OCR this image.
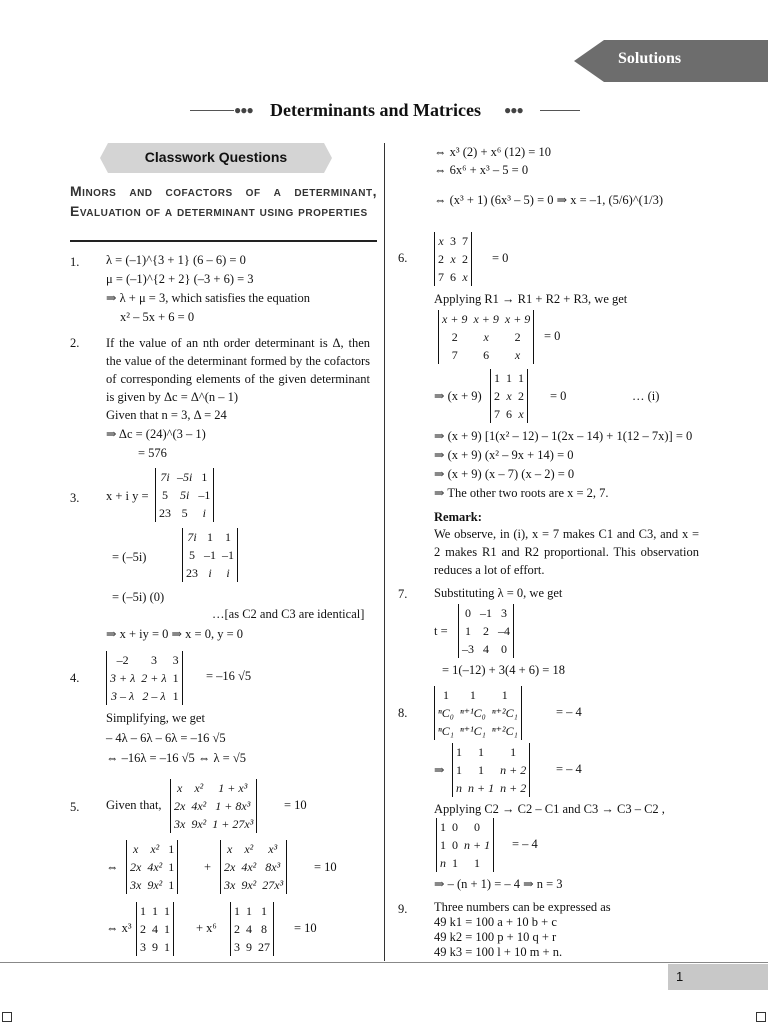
Solutions
●●● Determinants and Matrices ●●●
Classwork Questions
Minors and cofactors of a determinant, Evaluation of a determinant using properties
1. λ = (–1)^{3 + 1} (6 – 6) = 0
μ = (–1)^{2 + 2} (–3 + 6) = 3
⇒ λ + μ = 3, which satisfies the equation
x² – 5x + 6 = 0
2. If the value of an nth order determinant is Δ, then the value of the determinant formed by the cofactors of corresponding elements of the given determinant is given by Δc = Δ^(n – 1)
Given that n = 3, Δ = 24
⇒ Δc = (24)^(3 – 1)
= 576
3. x + i y =
7i	–5i	1
5	5i	–1
23	5	i
= (–5i)
7i	1	1
5	–1	–1
23	i	i
= (–5i) (0)
…[as C2 and C3 are identical]
⇒ x + iy = 0 ⇒ x = 0, y = 0
4.
–2	3	3
3 + λ	2 + λ	1
3 – λ	2 – λ	1
= –16 √5
Simplifying, we get
– 4λ – 6λ – 6λ = –16 √5
⇔ –16λ = –16 √5 ⇔ λ = √5
5. Given that,
x	x²	1 + x³
2x	4x²	1 + 8x³
3x	9x²	1 + 27x³
= 10
⇔
x	x²	1
2x	4x²	1
3x	9x²	1
+
x	x²	x³
2x	4x²	8x³
3x	9x²	27x³
= 10
⇔ x³
1	1	1
2	4	1
3	9	1
+ x⁶
1	1	1
2	4	8
3	9	27
= 10
⇔ x³ (2) + x⁶ (12) = 10
⇔ 6x⁶ + x³ – 5 = 0
⇔ (x³ + 1) (6x³ – 5) = 0 ⇒ x = –1, (5/6)^(1/3)
6.
x	3	7
2	x	2
7	6	x
= 0
Applying R1 → R1 + R2 + R3, we get
x + 9	x + 9	x + 9
2	x	2
7	6	x
= 0
⇒ (x + 9)
1	1	1
2	x	2
7	6	x
= 0	… (i)
⇒ (x + 9) [1(x² – 12) – 1(2x – 14) + 1(12 – 7x)] = 0
⇒ (x + 9) (x² – 9x + 14) = 0
⇒ (x + 9) (x – 7) (x – 2) = 0
⇒ The other two roots are x = 2, 7.
Remark:
We observe, in (i), x = 7 makes C1 and C3, and x = 2 makes R1 and R2 proportional. This observation reduces a lot of effort.
7. Substituting λ = 0, we get
t =
0	–1	3
1	2	–4
–3	4	0
= 1(–12) + 3(4 + 6) = 18
8.
1	1	1
ⁿC₀	ⁿ⁺¹C₀	ⁿ⁺²C₁
ⁿC₁	ⁿ⁺¹C₁	ⁿ⁺²C₁
= – 4
⇒
1	1	1
1	1	n + 2
n	n + 1	n + 2
= – 4
Applying C2 → C2 – C1 and C3 → C3 – C2 ,
1	0	0
1	0	n + 1
n	1	1
= – 4
⇒ – (n + 1) = – 4 ⇒ n = 3
9. Three numbers can be expressed as
49 k1 = 100 a + 10 b + c
49 k2 = 100 p + 10 q + r
49 k3 = 100 l + 10 m + n.
1
